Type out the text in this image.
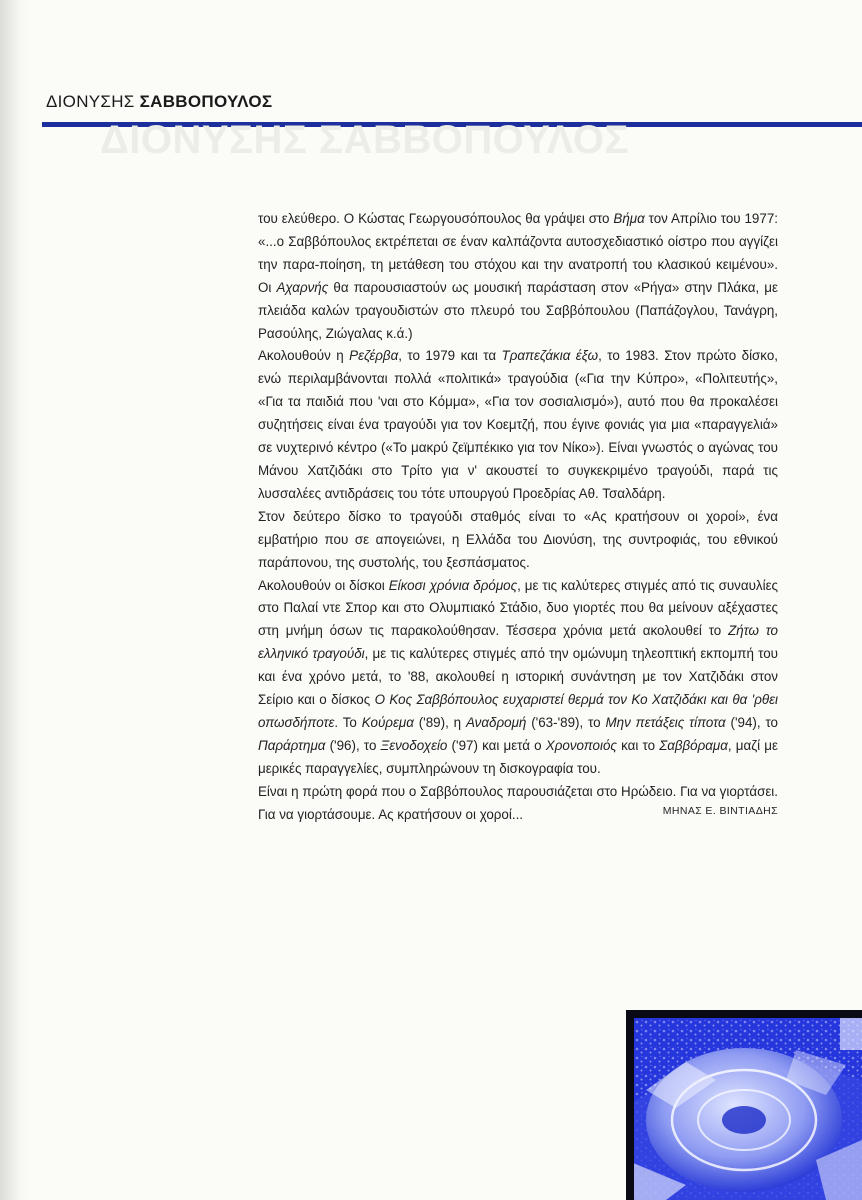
ΔΙΟΝΥΣΗΣ ΣΑΒΒΟΠΟΥΛΟΣ
ΔΙΟΝΥΣΗΣ ΣΑΒΒΟΠΟΥΛΟΣ

του ελεύθερο. Ο Κώστας Γεωργουσόπουλος θα γράψει στο Βήμα τον Απρίλιο του 1977: «...ο Σαββόπουλος εκτρέπεται σε έναν καλπάζοντα αυτοσχεδιαστικό οίστρο που αγγίζει την παρα-ποίηση, τη μετάθεση του στόχου και την ανατροπή του κλασικού κειμένου». Οι Αχαρνής θα παρουσιαστούν ως μουσική παράσταση στον «Ρήγα» στην Πλάκα, με πλειάδα καλών τραγουδιστών στο πλευρό του Σαββόπουλου (Παπάζογλου, Τανάγρη, Ρασούλης, Ζιώγαλας κ.ά.)

Ακολουθούν η Ρεζέρβα, το 1979 και τα Τραπεζάκια έξω, το 1983. Στον πρώτο δίσκο, ενώ περιλαμβάνονται πολλά «πολιτικά» τραγούδια («Για την Κύπρο», «Πολιτευτής», «Για τα παιδιά που 'ναι στο Κόμμα», «Για τον σοσιαλισμό»), αυτό που θα προκαλέσει συζητήσεις είναι ένα τραγούδι για τον Κοεμτζή, που έγινε φονιάς για μια «παραγγελιά» σε νυχτερινό κέντρο («Το μακρύ ζεϊμπέκικο για τον Νίκο»). Είναι γνωστός ο αγώνας του Μάνου Χατζιδάκι στο Τρίτο για ν' ακουστεί το συγκεκριμένο τραγούδι, παρά τις λυσσαλέες αντιδράσεις του τότε υπουργού Προεδρίας Αθ. Τσαλδάρη.

Στον δεύτερο δίσκο το τραγούδι σταθμός είναι το «Ας κρατήσουν οι χοροί», ένα εμβατήριο που σε απογειώνει, η Ελλάδα του Διονύση, της συντροφιάς, του εθνικού παράπονου, της συστολής, του ξεσπάσματος.

Ακολουθούν οι δίσκοι Είκοσι χρόνια δρόμος, με τις καλύτερες στιγμές από τις συναυλίες στο Παλαί ντε Σπορ και στο Ολυμπιακό Στάδιο, δυο γιορτές που θα μείνουν αξέχαστες στη μνήμη όσων τις παρακολούθησαν. Τέσσερα χρόνια μετά ακολουθεί το Ζήτω το ελληνικό τραγούδι, με τις καλύτερες στιγμές από την ομώνυμη τηλεοπτική εκπομπή του και ένα χρόνο μετά, το '88, ακολουθεί η ιστορική συνάντηση με τον Χατζιδάκι στον Σείριο και ο δίσκος Ο Κος Σαββόπουλος ευχαριστεί θερμά τον Κο Χατζιδάκι και θα 'ρθει οπωσδήποτε. Το Κούρεμα ('89), η Αναδρομή ('63-'89), το Μην πετάξεις τίποτα ('94), το Παράρτημα ('96), το Ξενοδοχείο ('97) και μετά ο Χρονοποιός και το Σαββόραμα, μαζί με μερικές παραγγελίες, συμπληρώνουν τη δισκογραφία του.

Είναι η πρώτη φορά που ο Σαββόπουλος παρουσιάζεται στο Ηρώδειο. Για να γιορτάσει. Για να γιορτάσουμε. Ας κρατήσουν οι χοροί...	ΜΗΝΑΣ Ε. ΒΙΝΤΙΑΔΗΣ
